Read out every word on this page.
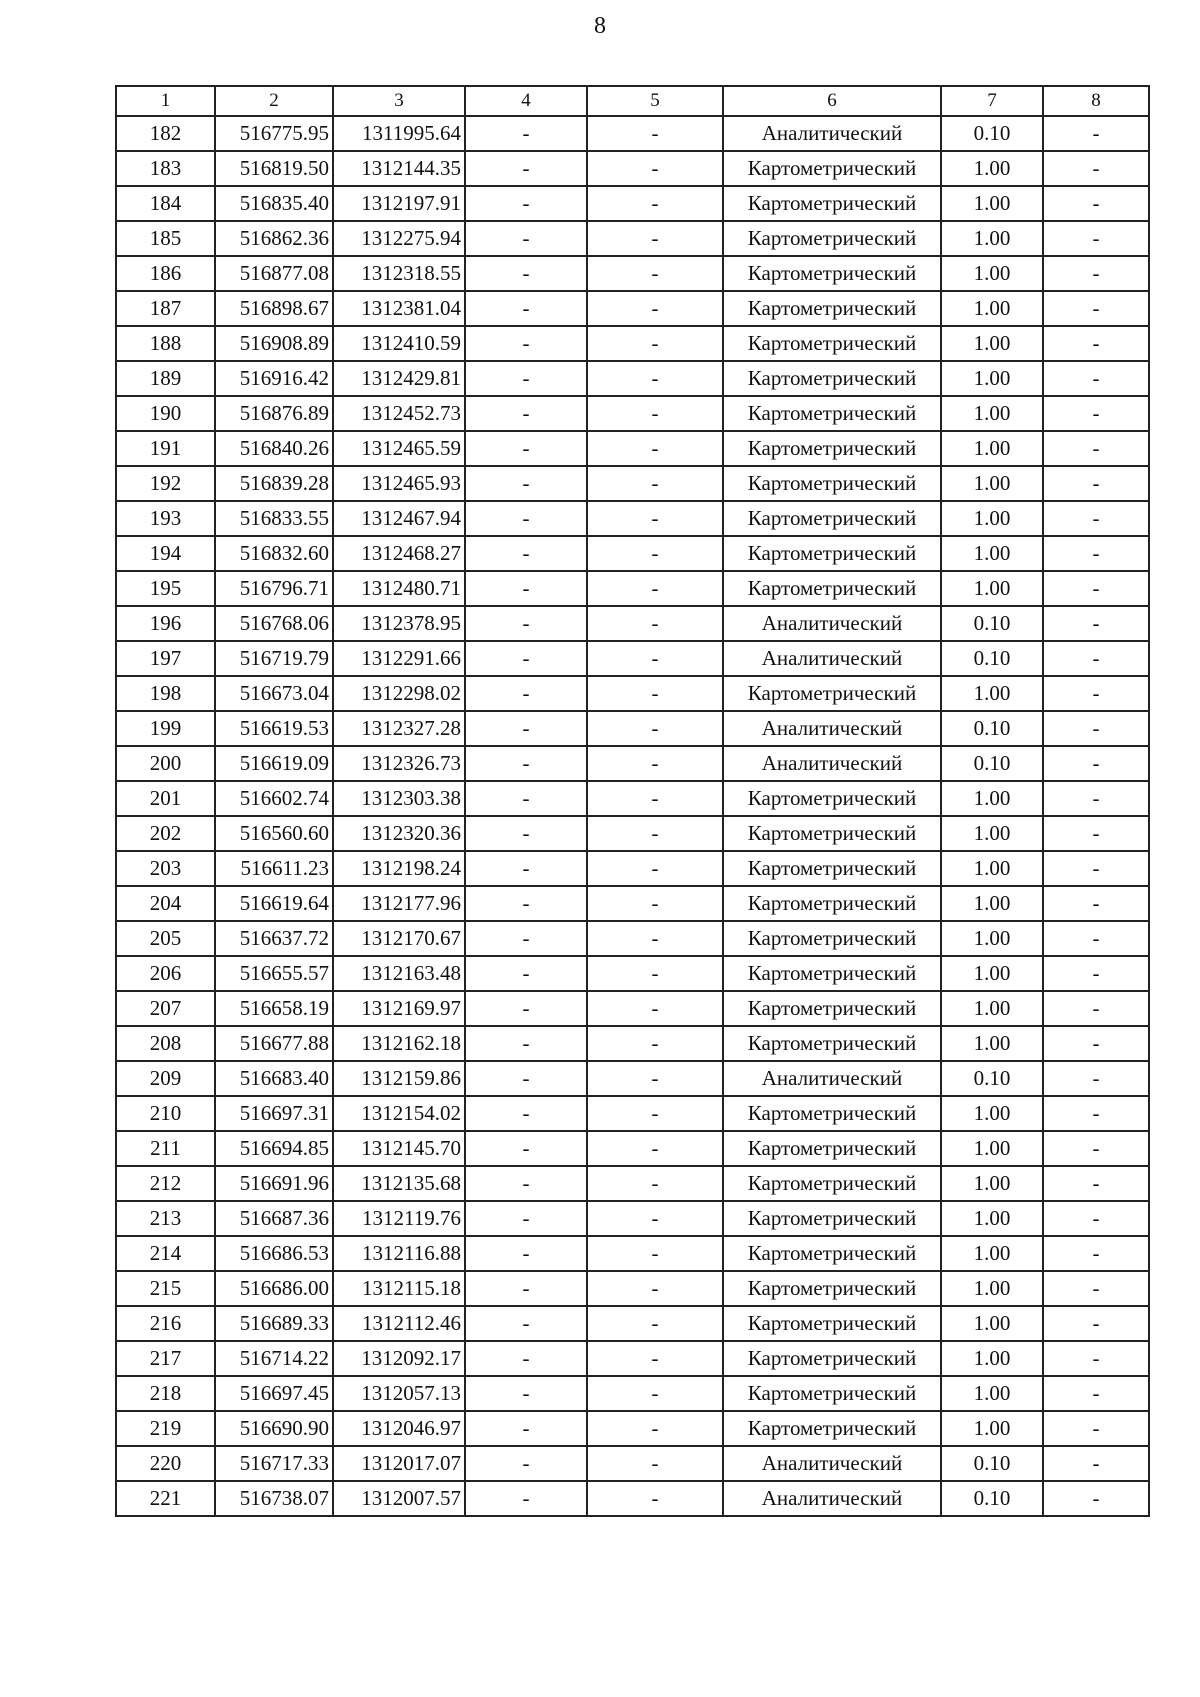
8
1	2	3	4	5	6	7	8
182	516775.95	1311995.64	-	-	Аналитический	0.10	-
183	516819.50	1312144.35	-	-	Картометрический	1.00	-
184	516835.40	1312197.91	-	-	Картометрический	1.00	-
185	516862.36	1312275.94	-	-	Картометрический	1.00	-
186	516877.08	1312318.55	-	-	Картометрический	1.00	-
187	516898.67	1312381.04	-	-	Картометрический	1.00	-
188	516908.89	1312410.59	-	-	Картометрический	1.00	-
189	516916.42	1312429.81	-	-	Картометрический	1.00	-
190	516876.89	1312452.73	-	-	Картометрический	1.00	-
191	516840.26	1312465.59	-	-	Картометрический	1.00	-
192	516839.28	1312465.93	-	-	Картометрический	1.00	-
193	516833.55	1312467.94	-	-	Картометрический	1.00	-
194	516832.60	1312468.27	-	-	Картометрический	1.00	-
195	516796.71	1312480.71	-	-	Картометрический	1.00	-
196	516768.06	1312378.95	-	-	Аналитический	0.10	-
197	516719.79	1312291.66	-	-	Аналитический	0.10	-
198	516673.04	1312298.02	-	-	Картометрический	1.00	-
199	516619.53	1312327.28	-	-	Аналитический	0.10	-
200	516619.09	1312326.73	-	-	Аналитический	0.10	-
201	516602.74	1312303.38	-	-	Картометрический	1.00	-
202	516560.60	1312320.36	-	-	Картометрический	1.00	-
203	516611.23	1312198.24	-	-	Картометрический	1.00	-
204	516619.64	1312177.96	-	-	Картометрический	1.00	-
205	516637.72	1312170.67	-	-	Картометрический	1.00	-
206	516655.57	1312163.48	-	-	Картометрический	1.00	-
207	516658.19	1312169.97	-	-	Картометрический	1.00	-
208	516677.88	1312162.18	-	-	Картометрический	1.00	-
209	516683.40	1312159.86	-	-	Аналитический	0.10	-
210	516697.31	1312154.02	-	-	Картометрический	1.00	-
211	516694.85	1312145.70	-	-	Картометрический	1.00	-
212	516691.96	1312135.68	-	-	Картометрический	1.00	-
213	516687.36	1312119.76	-	-	Картометрический	1.00	-
214	516686.53	1312116.88	-	-	Картометрический	1.00	-
215	516686.00	1312115.18	-	-	Картометрический	1.00	-
216	516689.33	1312112.46	-	-	Картометрический	1.00	-
217	516714.22	1312092.17	-	-	Картометрический	1.00	-
218	516697.45	1312057.13	-	-	Картометрический	1.00	-
219	516690.90	1312046.97	-	-	Картометрический	1.00	-
220	516717.33	1312017.07	-	-	Аналитический	0.10	-
221	516738.07	1312007.57	-	-	Аналитический	0.10	-
